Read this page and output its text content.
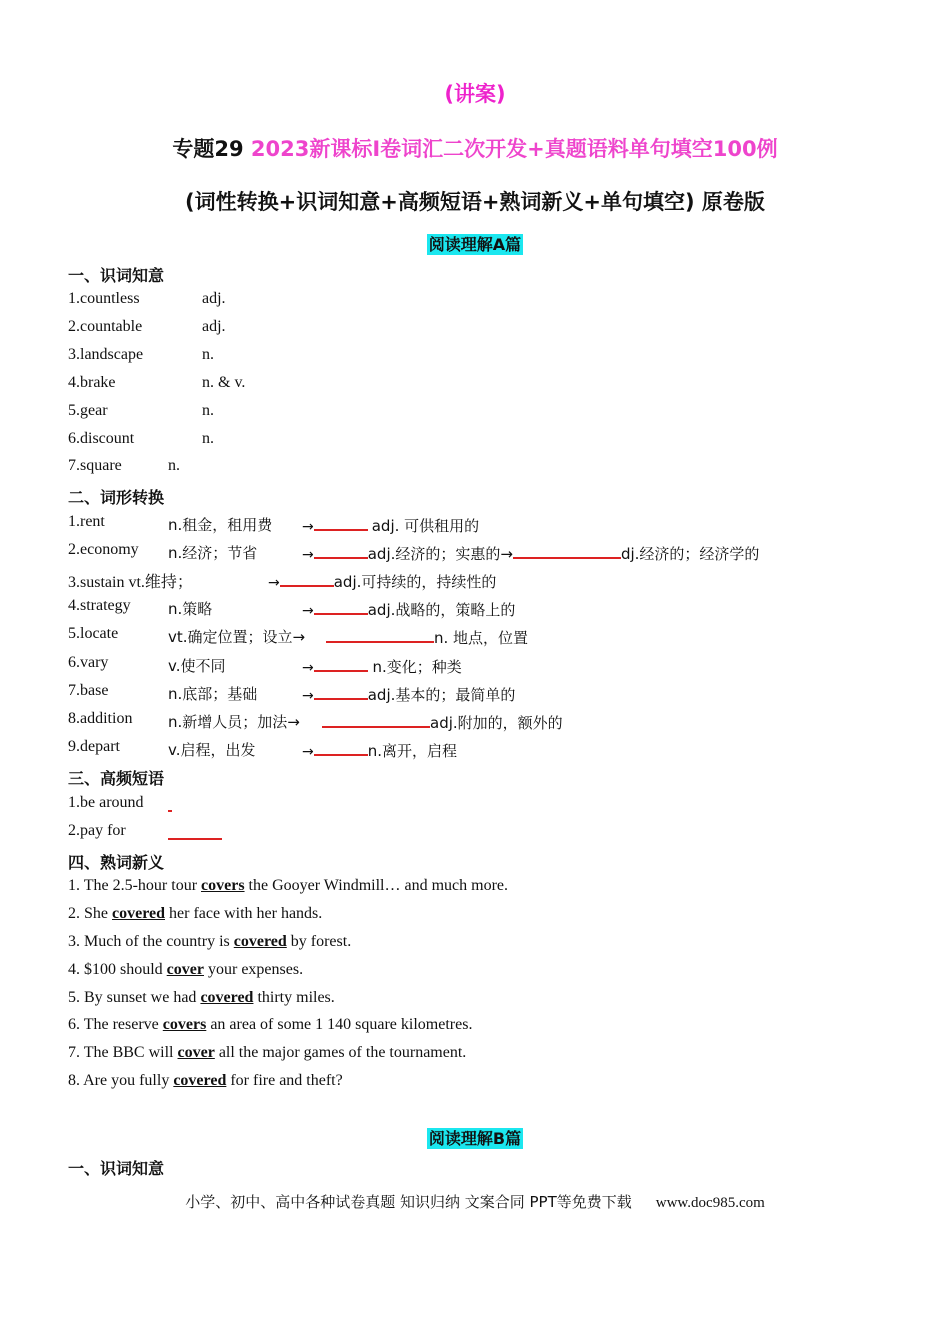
(讲案)
专题29 2023新课标I卷词汇二次开发+真题语料单句填空100例
(词性转换+识词知意+高频短语+熟词新义+单句填空) 原卷版
阅读理解A篇
一、识词知意
1.countless	adj.
2.countable	adj.
3.landscape	n.
4.brake	n. & v.
5.gear	n.
6.discount	n.
7.square	n.
二、词形转换
1.rent	n.租金，租用费 →	adj. 可供租用的
2.economy n.经济；节省	→	adj.经济的；实惠的→	dj.经济的；经济学的
3.sustain vt.维持；	→	adj.可持续的，持续性的
4.strategy n.策略	→	adj.战略的，策略上的
5.locate	vt.确定位置；设立→	n. 地点，位置
6.vary	v.使不同	→	n.变化；种类
7.base	n.底部；基础	→	adj.基本的；最简单的
8.addition n.新增人员；加法→	adj.附加的，额外的
9.depart	v.启程，出发	→	n.离开，启程
三、高频短语
1.be around
2.pay for
四、熟词新义
1. The 2.5-hour tour covers the Gooyer Windmill… and much more.
2. She covered her face with her hands.
3. Much of the country is covered by forest.
4. $100 should cover your expenses.
5. By sunset we had covered thirty miles.
6. The reserve covers an area of some 1 140 square kilometres.
7. The BBC will cover all the major games of the tournament.
8. Are you fully covered for fire and theft?
阅读理解B篇
一、识词知意
小学、初中、高中各种试卷真题 知识归纳 文案合同 PPT等免费下载 www.doc985.com
